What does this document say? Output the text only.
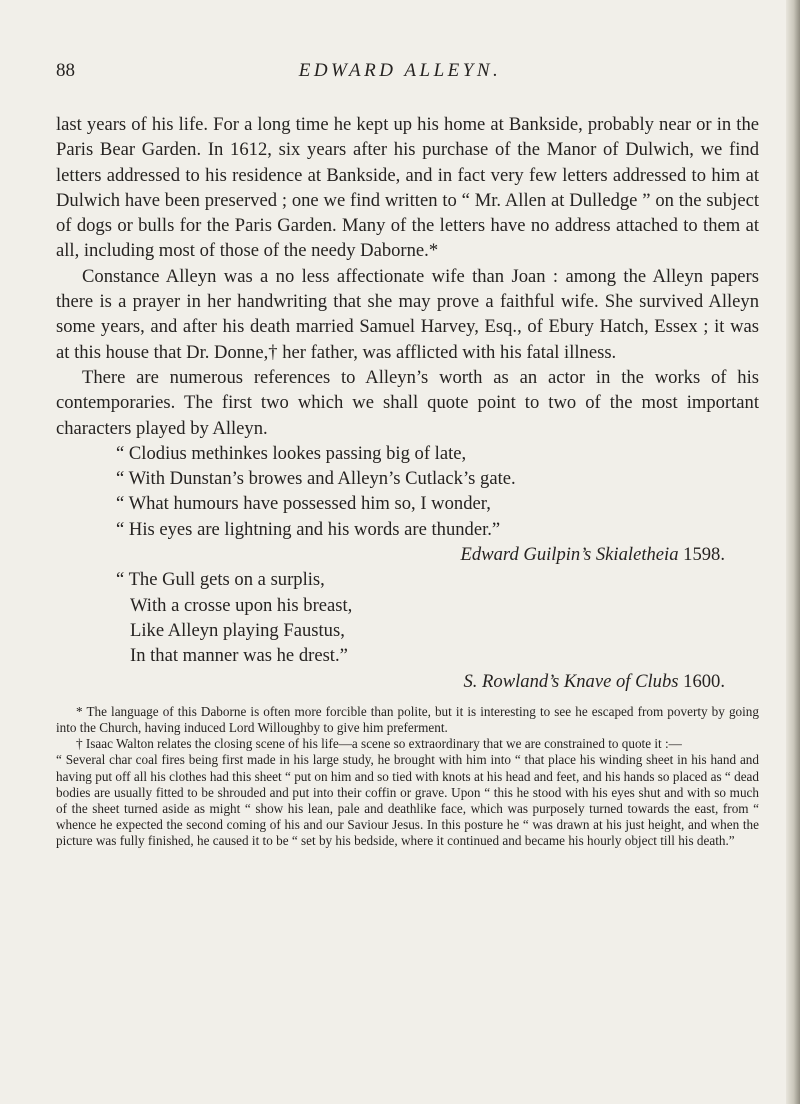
88	EDWARD ALLEYN.

last years of his life. For a long time he kept up his home at Bankside, probably near or in the Paris Bear Garden. In 1612, six years after his purchase of the Manor of Dulwich, we find letters addressed to his residence at Bankside, and in fact very few letters addressed to him at Dulwich have been preserved ; one we find written to “ Mr. Allen at Dulledge ” on the subject of dogs or bulls for the Paris Garden. Many of the letters have no address attached to them at all, including most of those of the needy Daborne.*

Constance Alleyn was a no less affectionate wife than Joan : among the Alleyn papers there is a prayer in her handwriting that she may prove a faithful wife. She survived Alleyn some years, and after his death married Samuel Harvey, Esq., of Ebury Hatch, Essex ; it was at this house that Dr. Donne,† her father, was afflicted with his fatal illness.

There are numerous references to Alleyn’s worth as an actor in the works of his contemporaries. The first two which we shall quote point to two of the most important characters played by Alleyn.

“ Clodius methinkes lookes passing big of late,
“ With Dunstan’s browes and Alleyn’s Cutlack’s gate.
“ What humours have possessed him so, I wonder,
“ His eyes are lightning and his words are thunder.”

Edward Guilpin’s Skialetheia 1598.

“ The Gull gets on a surplis,
With a crosse upon his breast,
Like Alleyn playing Faustus,
In that manner was he drest.”

S. Rowland’s Knave of Clubs 1600.

* The language of this Daborne is often more forcible than polite, but it is interesting to see he escaped from poverty by going into the Church, having induced Lord Willoughby to give him preferment.

† Isaac Walton relates the closing scene of his life—a scene so extraordinary that we are constrained to quote it :—

“ Several char coal fires being first made in his large study, he brought with him into “ that place his winding sheet in his hand and having put off all his clothes had this sheet “ put on him and so tied with knots at his head and feet, and his hands so placed as “ dead bodies are usually fitted to be shrouded and put into their coffin or grave. Upon “ this he stood with his eyes shut and with so much of the sheet turned aside as might “ show his lean, pale and deathlike face, which was purposely turned towards the east, from “ whence he expected the second coming of his and our Saviour Jesus. In this posture he “ was drawn at his just height, and when the picture was fully finished, he caused it to be “ set by his bedside, where it continued and became his hourly object till his death.”
